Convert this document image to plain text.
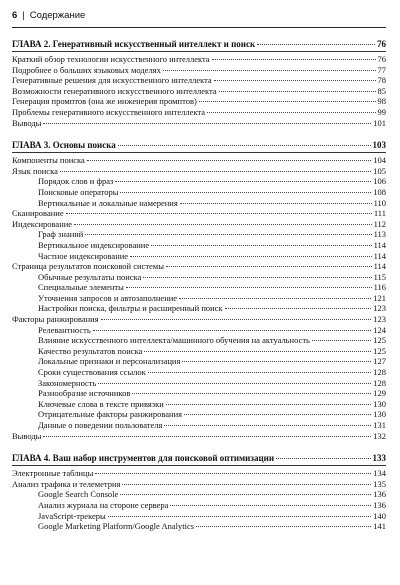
6 | Содержание
ГЛАВА 2. Генеративный искусственный интеллект и поиск	76
Краткий обзор технологии искусственного интеллекта	76
Подробнее о больших языковых моделях	77
Генеративные решения для искусственного интеллекта	78
Возможности генеративного искусственного интеллекта	85
Генерация промптов (она же инженерия промптов)	98
Проблемы генеративного искусственного интеллекта	99
Выводы	101
ГЛАВА 3. Основы поиска	103
Компоненты поиска	104
Язык поиска	105
Порядок слов и фраз	106
Поисковые операторы	108
Вертикальные и локальные намерения	110
Сканирование	111
Индексирование	112
Граф знаний	113
Вертикальное индексирование	114
Частное индексирование	114
Страница результатов поисковой системы	114
Обычные результаты поиска	115
Специальные элементы	116
Уточнения запросов и автозаполнение	121
Настройки поиска, фильтры и расширенный поиск	123
Факторы ранжирования	123
Релевантность	124
Влияние искусственного интеллекта/машинного обучения на актуальность	125
Качество результатов поиска	125
Локальные признаки и персонализация	127
Сроки существования ссылок	128
Закономерность	128
Разнообразие источников	129
Ключевые слова в тексте привязки	130
Отрицательные факторы ранжирования	130
Данные о поведении пользователя	131
Выводы	132
ГЛАВА 4. Ваш набор инструментов для поисковой оптимизации	133
Электронные таблицы	134
Анализ трафика и телеметрия	135
Google Search Console	136
Анализ журнала на стороне сервера	136
JavaScript-трекеры	140
Google Marketing Platform/Google Analytics	141
